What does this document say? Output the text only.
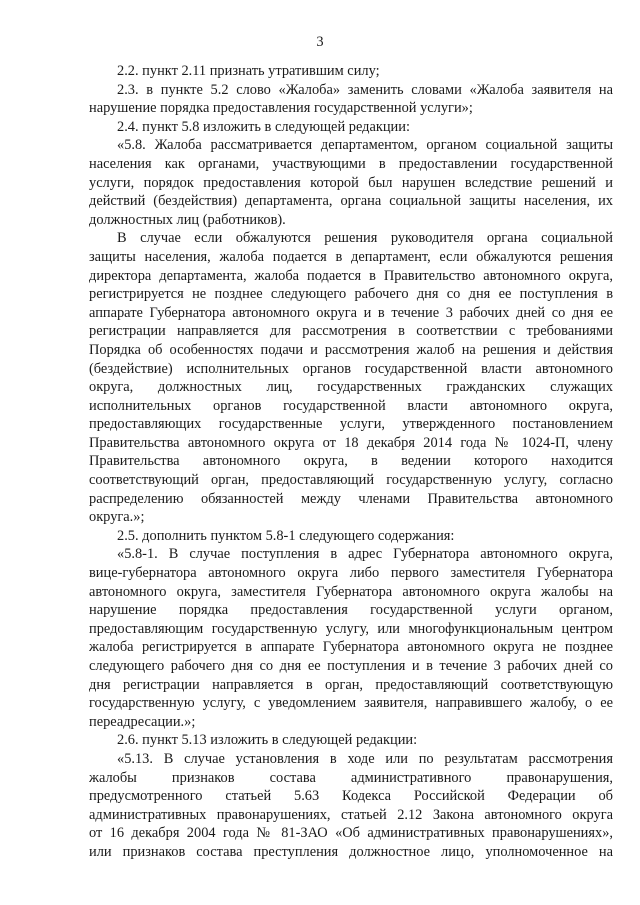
3
2.2. пункт 2.11 признать утратившим силу;
2.3. в пункте 5.2 слово «Жалоба» заменить словами «Жалоба заявителя на
нарушение порядка предоставления государственной услуги»;
2.4. пункт 5.8 изложить в следующей редакции:
«5.8. Жалоба рассматривается департаментом, органом социальной защиты
населения как органами, участвующими в предоставлении государственной
услуги, порядок предоставления которой был нарушен вследствие решений и
действий (бездействия) департамента, органа социальной защиты населения, их
должностных лиц (работников).
В случае если обжалуются решения руководителя органа социальной
защиты населения, жалоба подается в департамент, если обжалуются решения
директора департамента, жалоба подается в Правительство автономного округа,
регистрируется не позднее следующего рабочего дня со дня ее поступления в
аппарате Губернатора автономного округа и в течение 3 рабочих дней со дня ее
регистрации направляется для рассмотрения в соответствии с требованиями
Порядка об особенностях подачи и рассмотрения жалоб на решения и действия
(бездействие) исполнительных органов государственной власти автономного
округа, должностных лиц, государственных гражданских служащих
исполнительных органов государственной власти автономного округа,
предоставляющих государственные услуги, утвержденного постановлением
Правительства автономного округа от 18 декабря 2014 года № 1024-П, члену
Правительства автономного округа, в ведении которого находится
соответствующий орган, предоставляющий государственную услугу, согласно
распределению обязанностей между членами Правительства автономного
округа.»;
2.5. дополнить пунктом 5.8-1 следующего содержания:
«5.8-1. В случае поступления в адрес Губернатора автономного округа,
вице-губернатора автономного округа либо первого заместителя Губернатора
автономного округа, заместителя Губернатора автономного округа жалобы на
нарушение порядка предоставления государственной услуги органом,
предоставляющим государственную услугу, или многофункциональным центром
жалоба регистрируется в аппарате Губернатора автономного округа не позднее
следующего рабочего дня со дня ее поступления и в течение 3 рабочих дней со
дня регистрации направляется в орган, предоставляющий соответствующую
государственную услугу, с уведомлением заявителя, направившего жалобу, о ее
переадресации.»;
2.6. пункт 5.13 изложить в следующей редакции:
«5.13. В случае установления в ходе или по результатам рассмотрения
жалобы признаков состава административного правонарушения,
предусмотренного статьей 5.63 Кодекса Российской Федерации об
административных правонарушениях, статьей 2.12 Закона автономного округа
от 16 декабря 2004 года № 81-ЗАО «Об административных правонарушениях»,
или признаков состава преступления должностное лицо, уполномоченное на
